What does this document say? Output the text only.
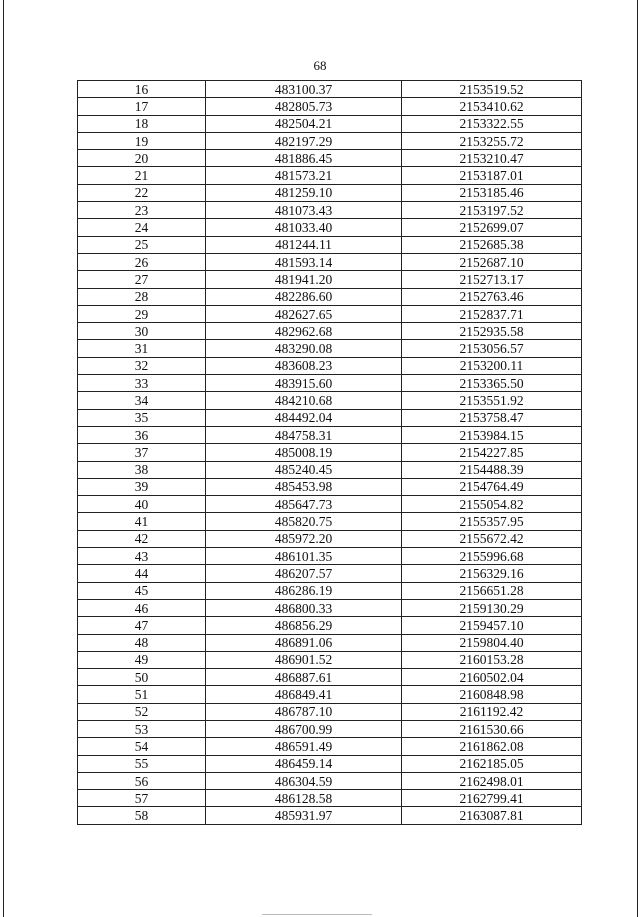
68
16	483100.37	2153519.52
17	482805.73	2153410.62
18	482504.21	2153322.55
19	482197.29	2153255.72
20	481886.45	2153210.47
21	481573.21	2153187.01
22	481259.10	2153185.46
23	481073.43	2153197.52
24	481033.40	2152699.07
25	481244.11	2152685.38
26	481593.14	2152687.10
27	481941.20	2152713.17
28	482286.60	2152763.46
29	482627.65	2152837.71
30	482962.68	2152935.58
31	483290.08	2153056.57
32	483608.23	2153200.11
33	483915.60	2153365.50
34	484210.68	2153551.92
35	484492.04	2153758.47
36	484758.31	2153984.15
37	485008.19	2154227.85
38	485240.45	2154488.39
39	485453.98	2154764.49
40	485647.73	2155054.82
41	485820.75	2155357.95
42	485972.20	2155672.42
43	486101.35	2155996.68
44	486207.57	2156329.16
45	486286.19	2156651.28
46	486800.33	2159130.29
47	486856.29	2159457.10
48	486891.06	2159804.40
49	486901.52	2160153.28
50	486887.61	2160502.04
51	486849.41	2160848.98
52	486787.10	2161192.42
53	486700.99	2161530.66
54	486591.49	2161862.08
55	486459.14	2162185.05
56	486304.59	2162498.01
57	486128.58	2162799.41
58	485931.97	2163087.81
